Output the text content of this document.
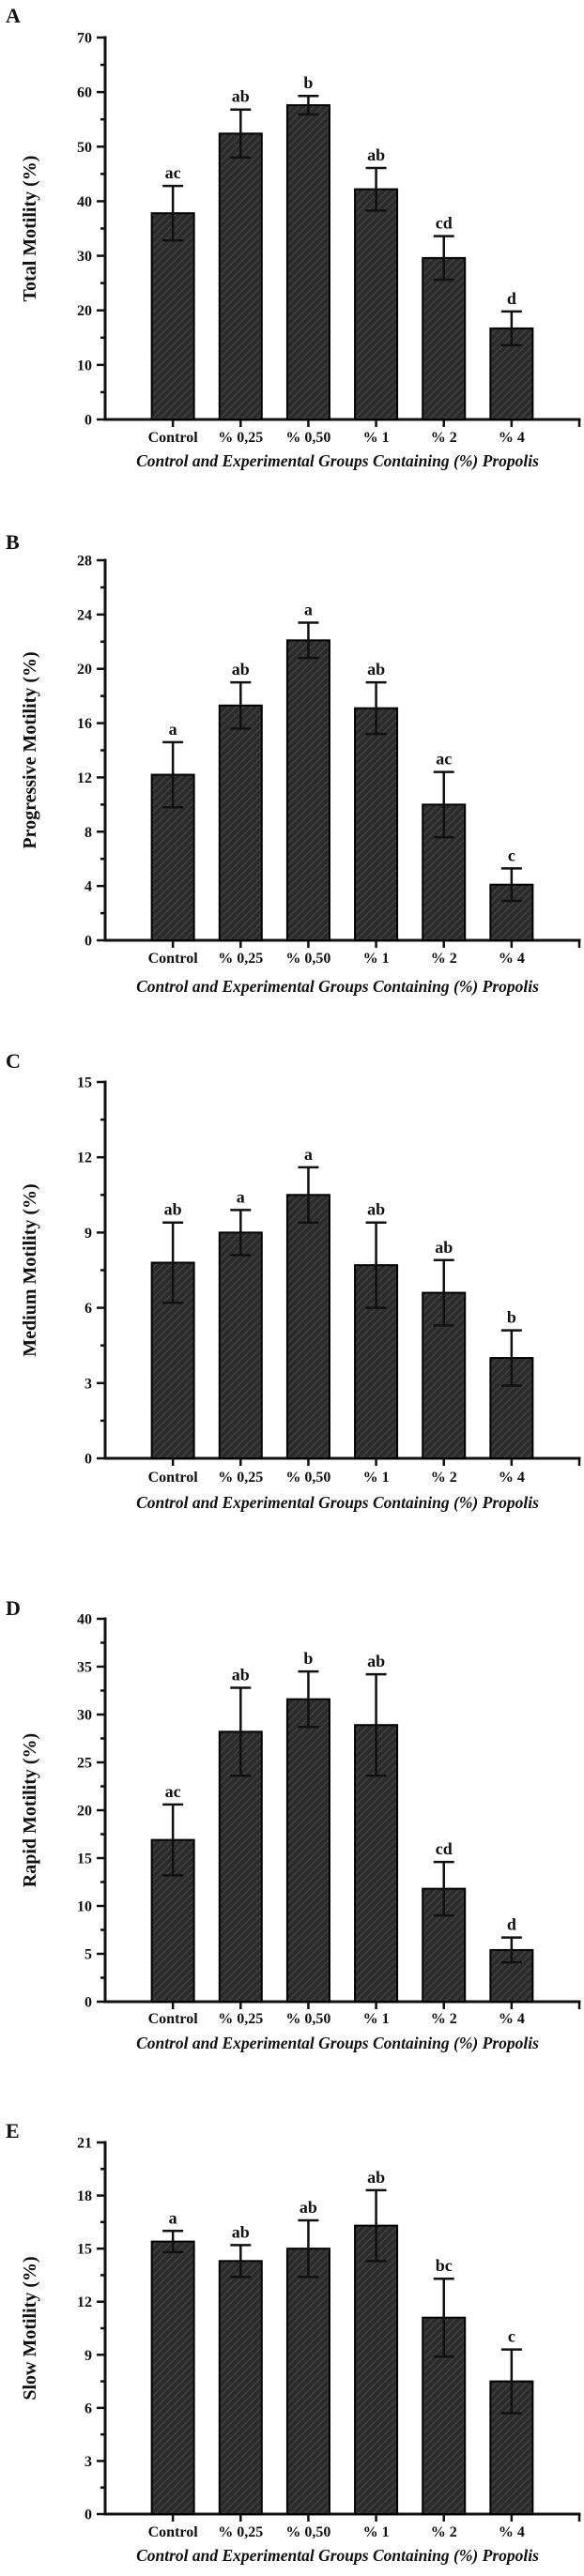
A
0
10
20
30
40
50
60
70
Total Motility (%)	ac
ab
b
ab
cd
d
Control % 0,25 % 0,50 % 1	% 2	% 4
Control and Experimental Groups Containing (%) Propolis
B
0
4
8
12
16
20
24
28
Progressive Motility (%)	a
ab
a
ab
ac
c
Control % 0,25 % 0,50 % 1	% 2	% 4
Control and Experimental Groups Containing (%) Propolis
C
0
3
6
9
12
15
Medium Motility (%)	ab
a
a
ab
ab
b
Control % 0,25 % 0,50 % 1	% 2	% 4
Control and Experimental Groups Containing (%) Propolis
D
0
5
10
15
20
25
30
35
40
Rapid Motility (%)	ac
ab
b	ab
cd
d
Control % 0,25 % 0,50 % 1	% 2	% 4
Control and Experimental Groups Containing (%) Propolis
E
0
3
6
9
12
15
18
21
Slow Motility (%)
a
ab
ab
ab
bc
c
Control % 0,25 % 0,50 % 1	% 2	% 4
Control and Experimental Groups Containing (%) Propolis
